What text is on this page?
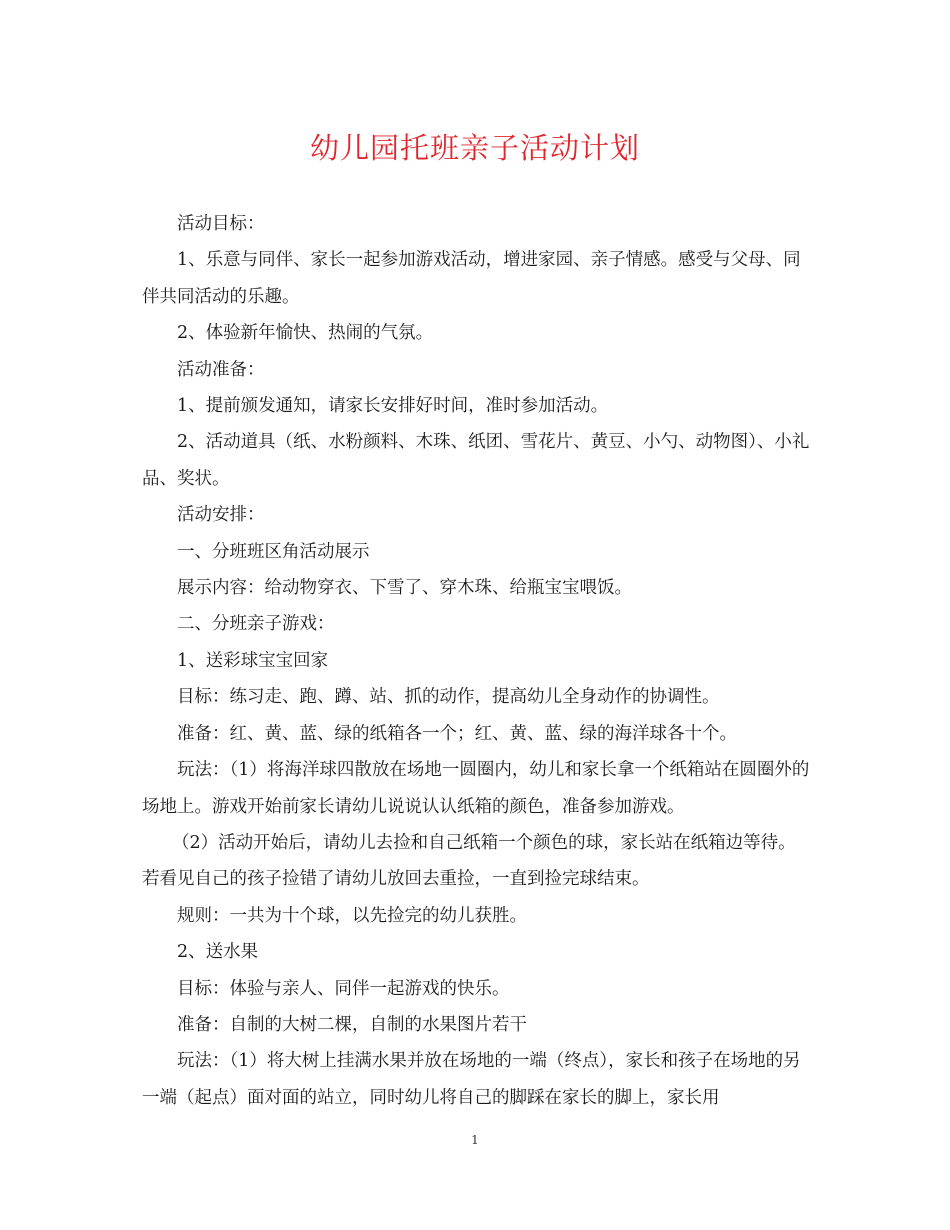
幼儿园托班亲子活动计划

活动目标：

1、乐意与同伴、家长一起参加游戏活动，增进家园、亲子情感。感受与父母、同伴共同活动的乐趣。

2、体验新年愉快、热闹的气氛。

活动准备：

1、提前颁发通知，请家长安排好时间，准时参加活动。

2、活动道具（纸、水粉颜料、木珠、纸团、雪花片、黄豆、小勺、动物图）、小礼品、奖状。

活动安排：

一、分班班区角活动展示

展示内容：给动物穿衣、下雪了、穿木珠、给瓶宝宝喂饭。

二、分班亲子游戏：

1、送彩球宝宝回家

目标：练习走、跑、蹲、站、抓的动作，提高幼儿全身动作的协调性。

准备：红、黄、蓝、绿的纸箱各一个；红、黄、蓝、绿的海洋球各十个。

玩法：（1）将海洋球四散放在场地一圆圈内，幼儿和家长拿一个纸箱站在圆圈外的场地上。游戏开始前家长请幼儿说说认认纸箱的颜色，准备参加游戏。

（2）活动开始后，请幼儿去捡和自己纸箱一个颜色的球，家长站在纸箱边等待。若看见自己的孩子捡错了请幼儿放回去重捡，一直到捡完球结束。

规则：一共为十个球，以先捡完的幼儿获胜。

2、送水果

目标：体验与亲人、同伴一起游戏的快乐。

准备：自制的大树二棵，自制的水果图片若干

玩法：（1）将大树上挂满水果并放在场地的一端（终点），家长和孩子在场地的另一端（起点）面对面的站立，同时幼儿将自己的脚踩在家长的脚上，家长用

1
